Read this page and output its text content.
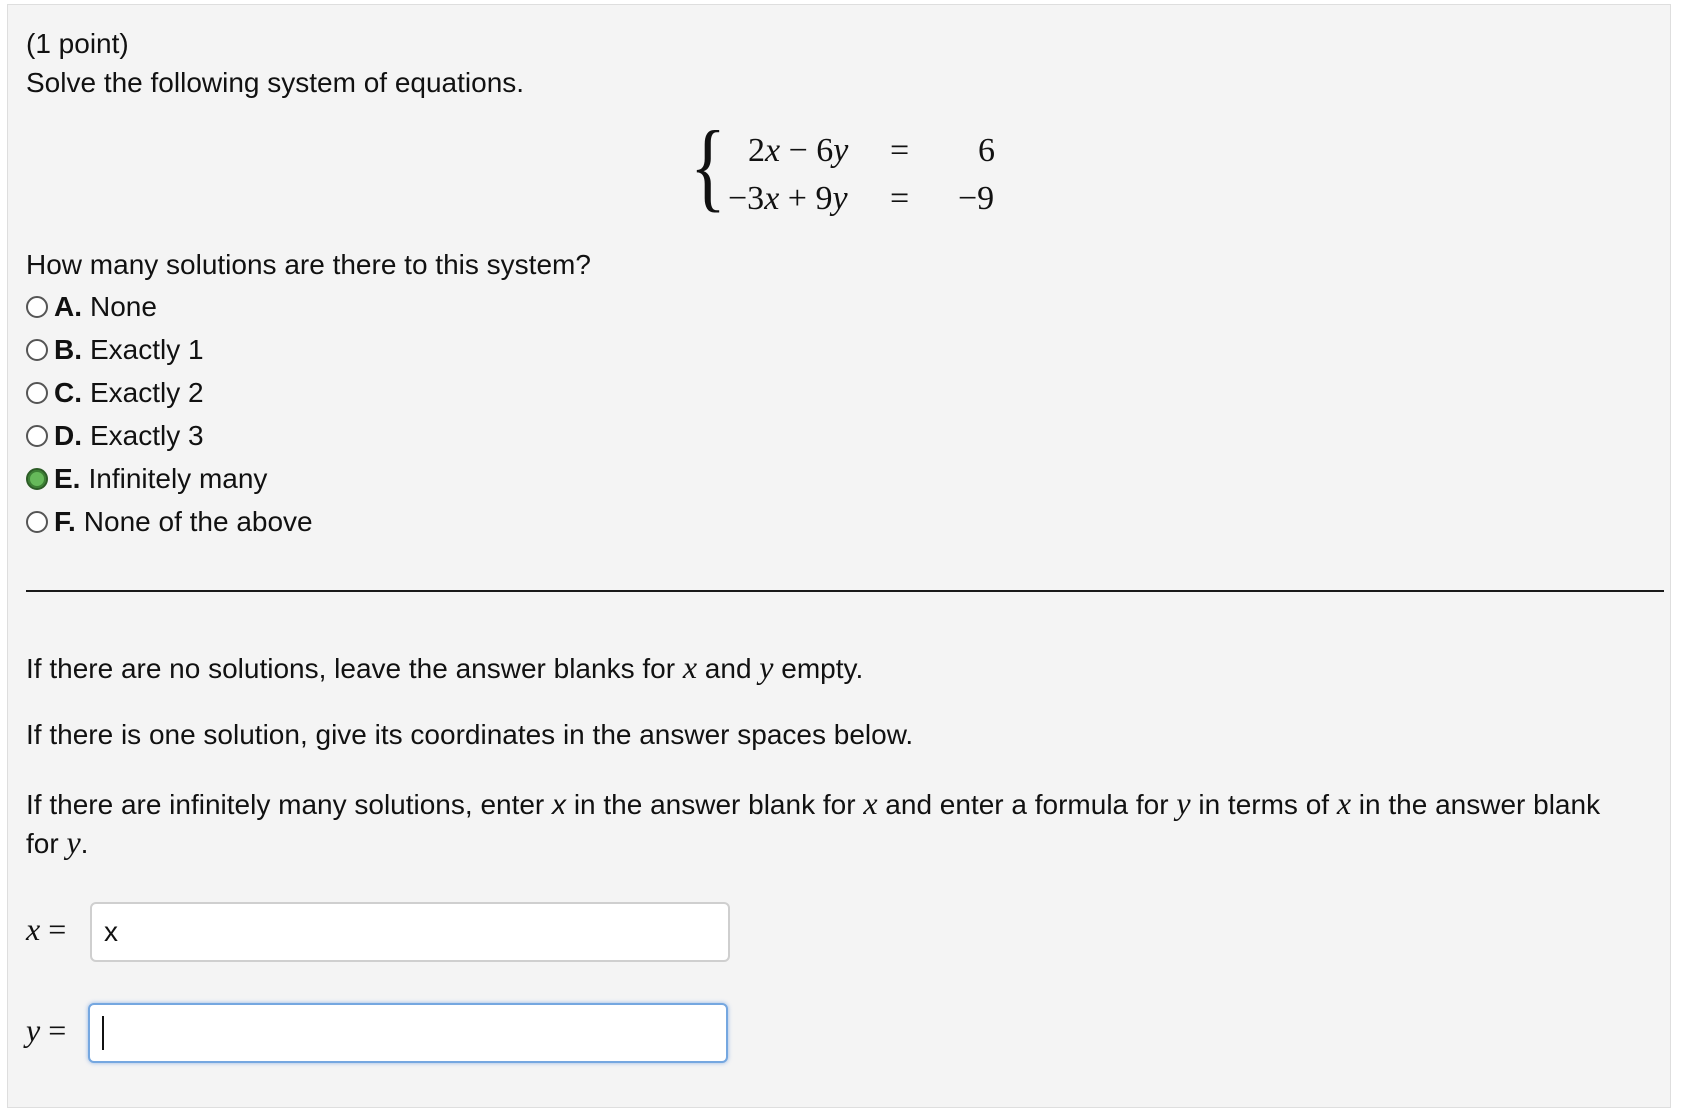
(1 point)
Solve the following system of equations.
{ 2x − 6y = 6
−3x + 9y = −9
How many solutions are there to this system?
A. None
B. Exactly 1
C. Exactly 2
D. Exactly 3
E. Infinitely many
F. None of the above
If there are no solutions, leave the answer blanks for x and y empty.
If there is one solution, give its coordinates in the answer spaces below.
If there are infinitely many solutions, enter x in the answer blank for x and enter a formula for y in terms of x in the answer blank
for y.
x = x
y =
